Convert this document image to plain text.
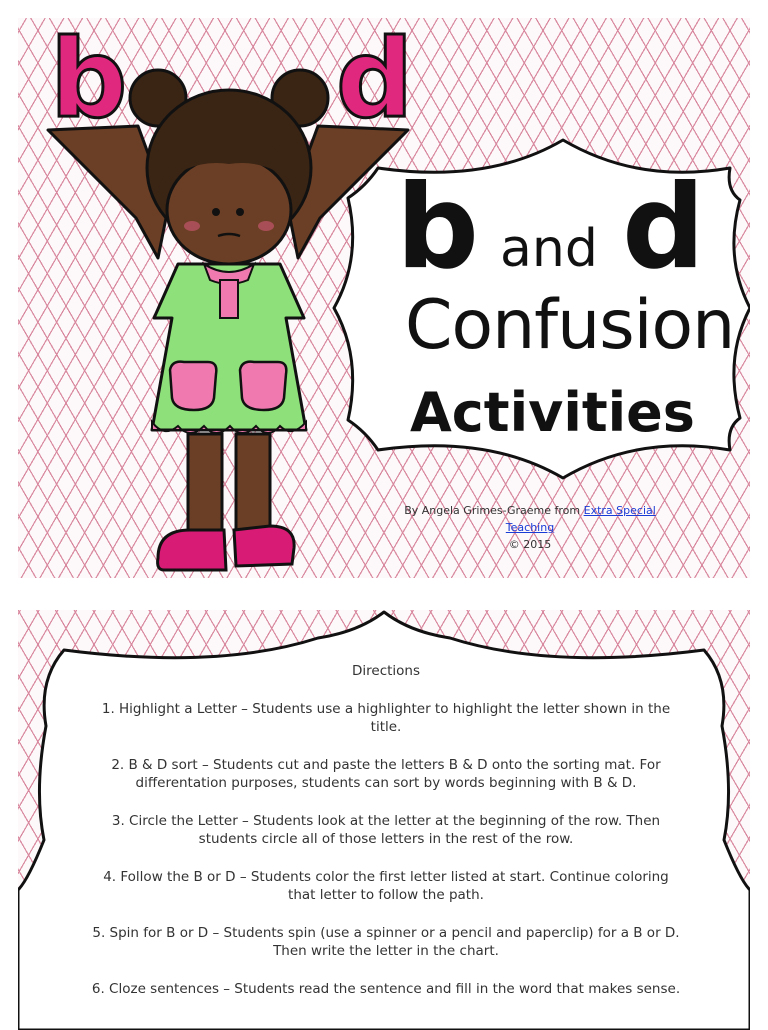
b d
b and d
Confusion
Activities
By Angela Grimes-Graeme from Extra Special Teaching
© 2015
Directions
1. Highlight a Letter – Students use a highlighter to highlight the letter shown in the title.
2. B & D sort – Students cut and paste the letters B & D onto the sorting mat. For differentation purposes, students can sort by words beginning with B & D.
3. Circle the Letter – Students look at the letter at the beginning of the row. Then students circle all of those letters in the rest of the row.
4. Follow the B or D – Students color the first letter listed at start. Continue coloring that letter to follow the path.
5. Spin for B or D – Students spin (use a spinner or a pencil and paperclip) for a B or D. Then write the letter in the chart.
6. Cloze sentences – Students read the sentence and fill in the word that makes sense.
